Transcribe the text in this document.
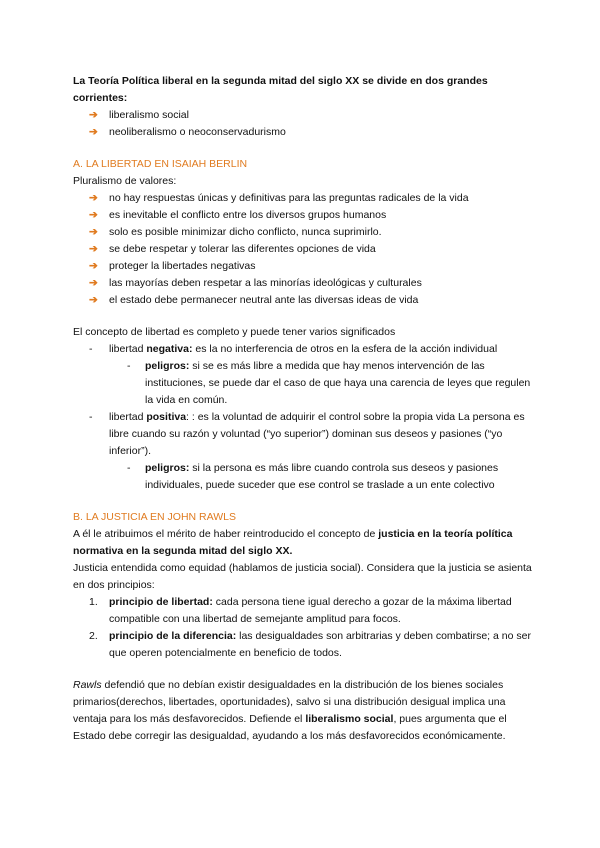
La Teoría Política liberal en la segunda mitad del siglo XX se divide en dos grandes corrientes:

➔ liberalismo social
➔ neoliberalismo o neoconservadurismo

A. LA LIBERTAD EN ISAIAH BERLIN

Pluralismo de valores:

➔ no hay respuestas únicas y definitivas para las preguntas radicales de la vida
➔ es inevitable el conflicto entre los diversos grupos humanos
➔ solo es posible minimizar dicho conflicto, nunca suprimirlo.
➔ se debe respetar y tolerar las diferentes opciones de vida
➔ proteger la libertades negativas
➔ las mayorías deben respetar a las minorías ideológicas y culturales
➔ el estado debe permanecer neutral ante las diversas ideas de vida

El concepto de libertad es completo y puede tener varios significados

- libertad negativa: es la no interferencia de otros en la esfera de la acción individual
- peligros: si se es más libre a medida que hay menos intervención de las instituciones, se puede dar el caso de que haya una carencia de leyes que regulen la vida en común.
- libertad positiva: : es la voluntad de adquirir el control sobre la propia vida La persona es libre cuando su razón y voluntad (“yo superior”) dominan sus deseos y pasiones (“yo inferior”).
- peligros: si la persona es más libre cuando controla sus deseos y pasiones individuales, puede suceder que ese control se traslade a un ente colectivo

B. LA JUSTICIA EN JOHN RAWLS

A él le atribuimos el mérito de haber reintroducido el concepto de justicia en la teoría política normativa en la segunda mitad del siglo XX.

Justicia entendida como equidad (hablamos de justicia social). Considera que la justicia se asienta en dos principios:

1. principio de libertad: cada persona tiene igual derecho a gozar de la máxima libertad compatible con una libertad de semejante amplitud para focos.
2. principio de la diferencia: las desigualdades son arbitrarias y deben combatirse; a no ser que operen potencialmente en beneficio de todos.

Rawls defendió que no debían existir desigualdades en la distribución de los bienes sociales primarios(derechos, libertades, oportunidades), salvo si una distribución desigual implica una ventaja para los más desfavorecidos. Defiende el liberalismo social, pues argumenta que el Estado debe corregir las desigualdad, ayudando a los más desfavorecidos económicamente.
